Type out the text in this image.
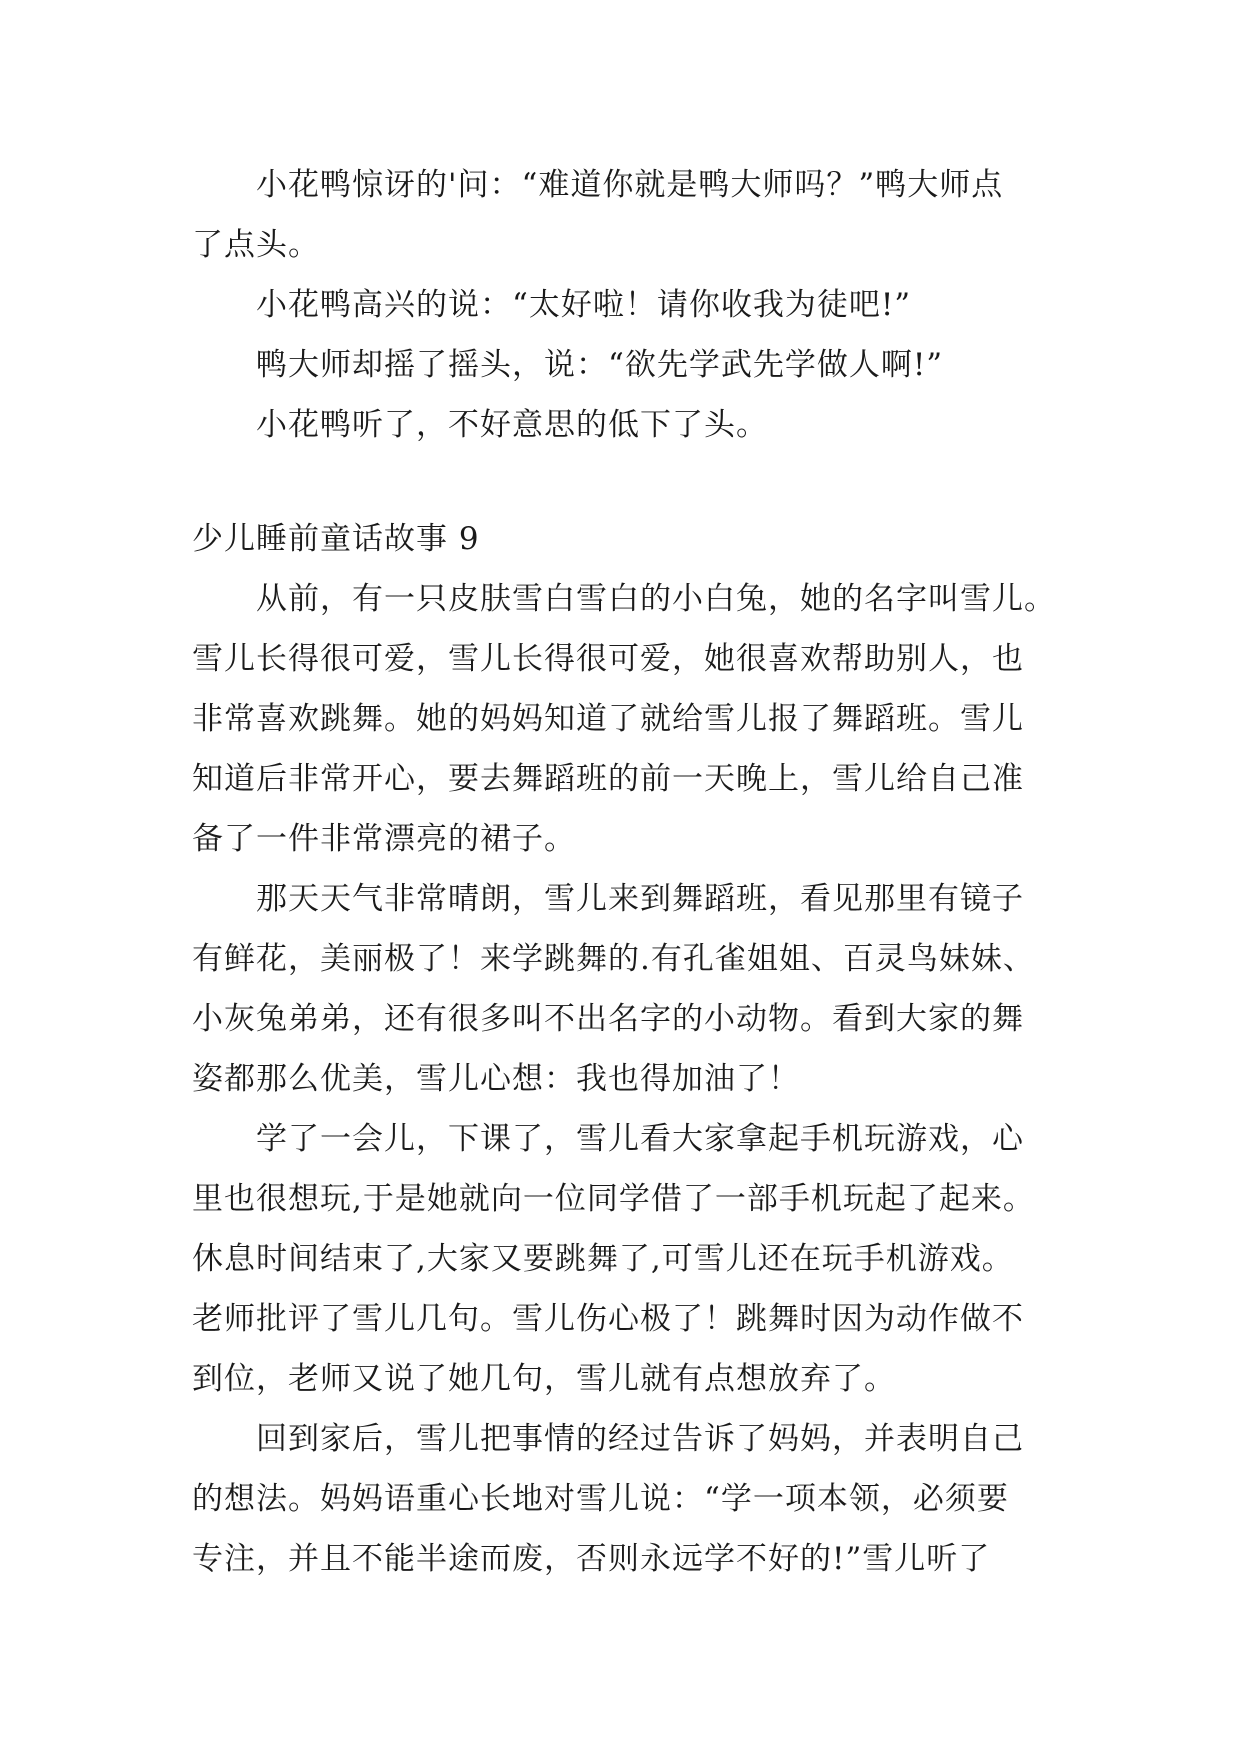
小花鸭惊讶的'问：“难道你就是鸭大师吗？”鸭大师点
了点头。
小花鸭高兴的说：“太好啦！请你收我为徒吧!”
鸭大师却摇了摇头，说：“欲先学武先学做人啊!”
小花鸭听了，不好意思的低下了头。
少儿睡前童话故事 9
从前，有一只皮肤雪白雪白的小白兔，她的名字叫雪儿。
雪儿长得很可爱，雪儿长得很可爱，她很喜欢帮助别人，也
非常喜欢跳舞。她的妈妈知道了就给雪儿报了舞蹈班。雪儿
知道后非常开心，要去舞蹈班的前一天晚上，雪儿给自己准
备了一件非常漂亮的裙子。
那天天气非常晴朗，雪儿来到舞蹈班，看见那里有镜子
有鲜花，美丽极了！来学跳舞的.有孔雀姐姐、百灵鸟妹妹、
小灰兔弟弟，还有很多叫不出名字的小动物。看到大家的舞
姿都那么优美，雪儿心想：我也得加油了！
学了一会儿，下课了，雪儿看大家拿起手机玩游戏，心
里也很想玩,于是她就向一位同学借了一部手机玩起了起来。
休息时间结束了,大家又要跳舞了,可雪儿还在玩手机游戏。
老师批评了雪儿几句。雪儿伤心极了！跳舞时因为动作做不
到位，老师又说了她几句，雪儿就有点想放弃了。
回到家后，雪儿把事情的经过告诉了妈妈，并表明自己
的想法。妈妈语重心长地对雪儿说：“学一项本领，必须要
专注，并且不能半途而废，否则永远学不好的!”雪儿听了
